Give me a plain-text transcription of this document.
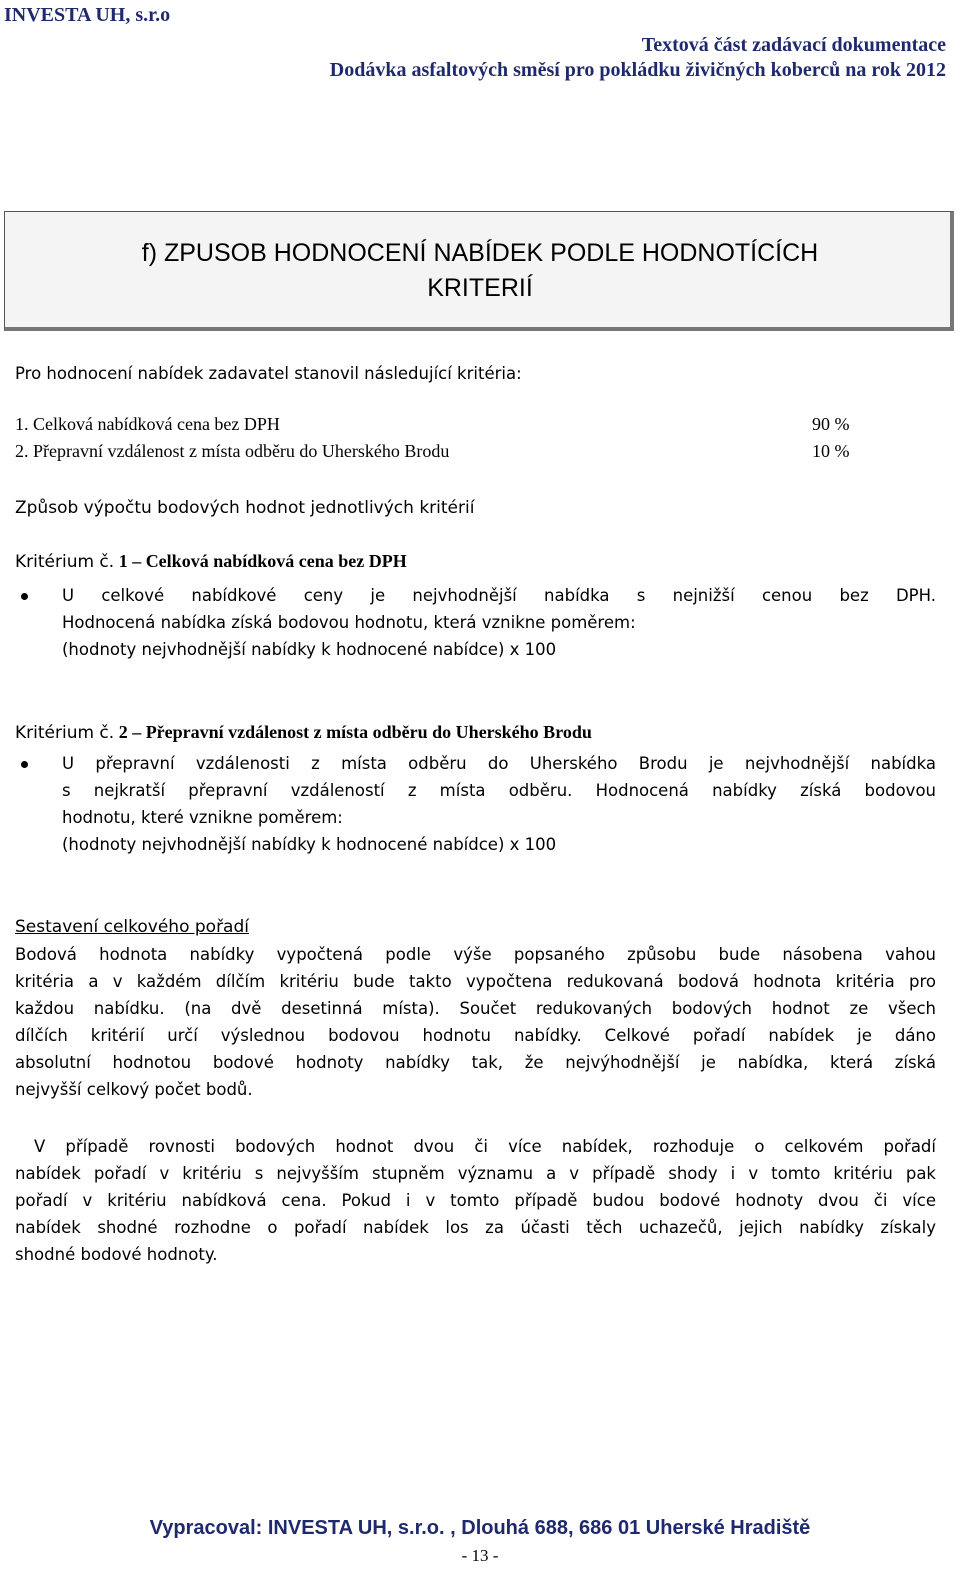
INVESTA UH, s.r.o
Textová část zadávací dokumentace
Dodávka asfaltových směsí pro pokládku živičných koberců na rok 2012
f) ZPUSOB HODNOCENÍ NABÍDEK PODLE HODNOTÍCÍCH
KRITERIÍ
Pro hodnocení nabídek zadavatel stanovil následující kritéria:
1. Celková nabídková cena bez DPH	90 %
2. Přepravní vzdálenost z místa odběru do Uherského Brodu	10 %
Způsob výpočtu bodových hodnot jednotlivých kritérií
Kritérium č. 1 – Celková nabídková cena bez DPH
U celkové nabídkové ceny je nejvhodnější nabídka s nejnižší cenou bez DPH.
Hodnocená nabídka získá bodovou hodnotu, která vznikne poměrem:
(hodnoty nejvhodnější nabídky k hodnocené nabídce) x 100
Kritérium č. 2 – Přepravní vzdálenost z místa odběru do Uherského Brodu
U přepravní vzdálenosti z místa odběru do Uherského Brodu je nejvhodnější nabídka
s nejkratší přepravní vzdáleností z místa odběru. Hodnocená nabídky získá bodovou
hodnotu, které vznikne poměrem:
(hodnoty nejvhodnější nabídky k hodnocené nabídce) x 100
Sestavení celkového pořadí
Bodová hodnota nabídky vypočtená podle výše popsaného způsobu bude násobena vahou
kritéria a v každém dílčím kritériu bude takto vypočtena redukovaná bodová hodnota kritéria pro
každou nabídku. (na dvě desetinná místa). Součet redukovaných bodových hodnot ze všech
dílčích kritérií určí výslednou bodovou hodnotu nabídky. Celkové pořadí nabídek je dáno
absolutní hodnotou bodové hodnoty nabídky tak, že nejvýhodnější je nabídka, která získá
nejvyšší celkový počet bodů.
V případě rovnosti bodových hodnot dvou či více nabídek, rozhoduje o celkovém pořadí
nabídek pořadí v kritériu s nejvyšším stupněm významu a v případě shody i v tomto kritériu pak
pořadí v kritériu nabídková cena. Pokud i v tomto případě budou bodové hodnoty dvou či více
nabídek shodné rozhodne o pořadí nabídek los za účasti těch uchazečů, jejich nabídky získaly
shodné bodové hodnoty.
Vypracoval: INVESTA UH, s.r.o. , Dlouhá 688, 686 01 Uherské Hradiště
- 13 -
